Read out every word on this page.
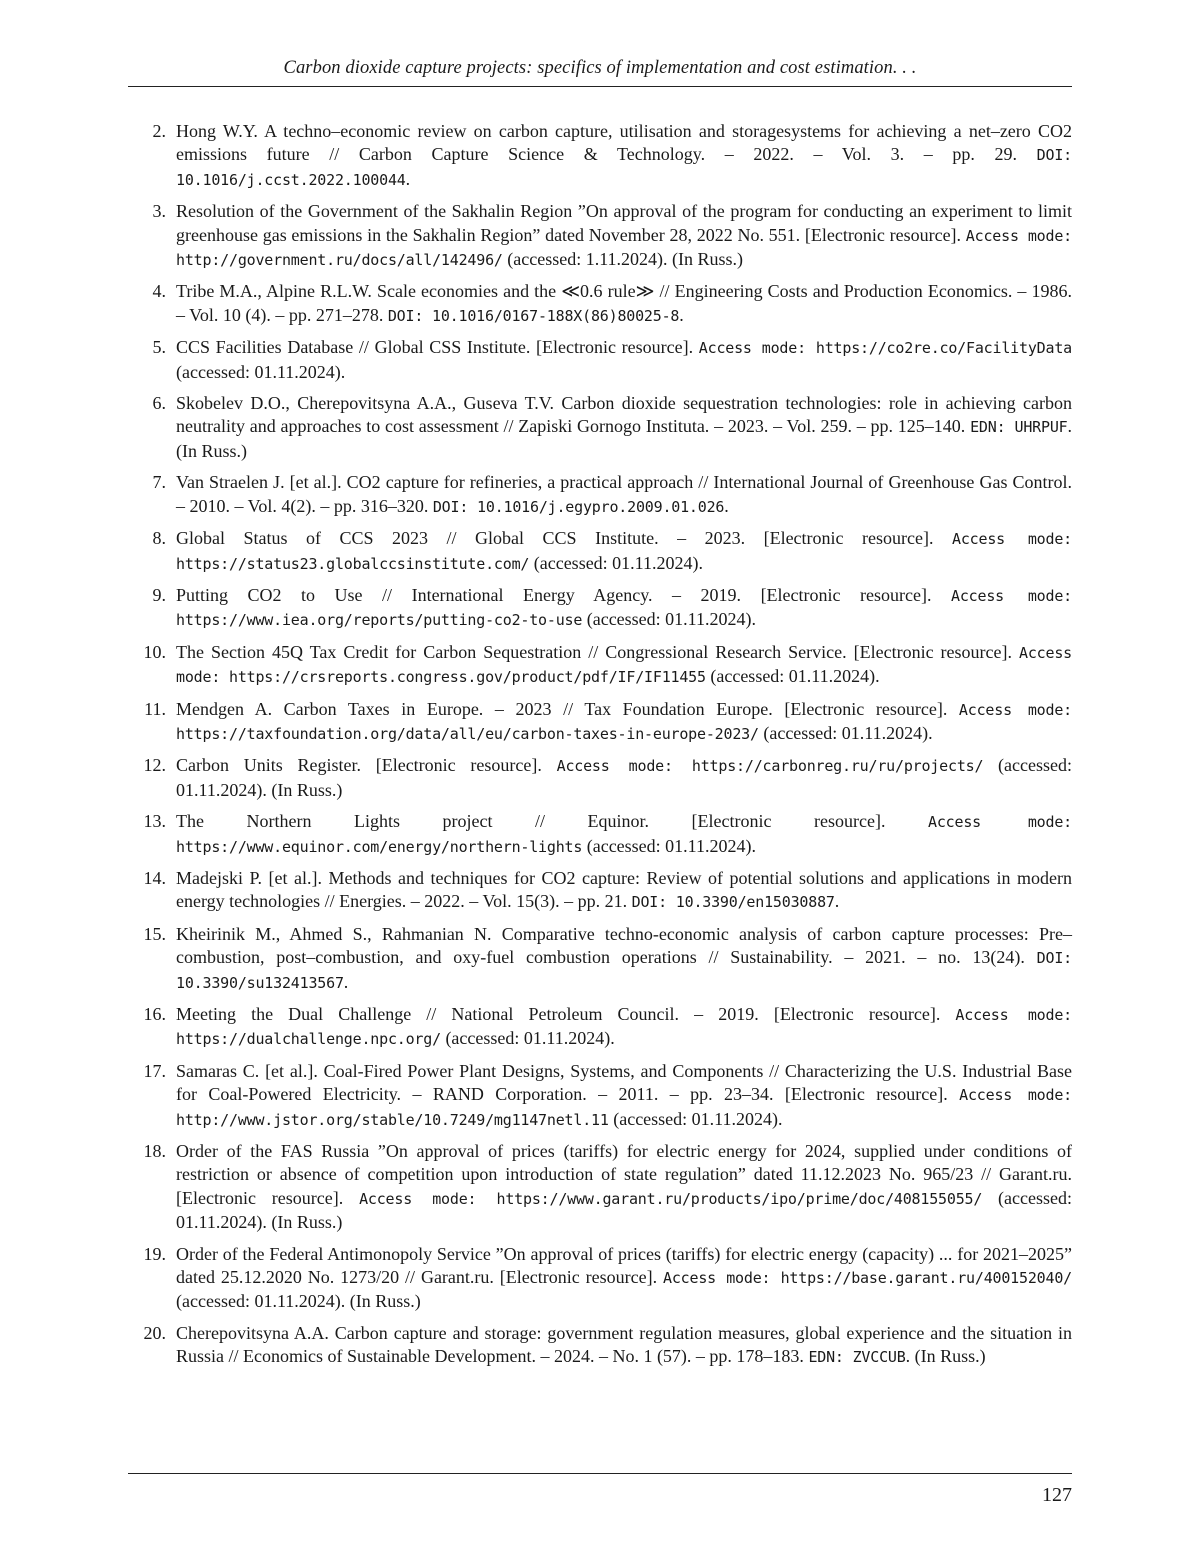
Carbon dioxide capture projects: specifics of implementation and cost estimation. . .
2. Hong W.Y. A techno–economic review on carbon capture, utilisation and storagesystems for achieving a net–zero CO2 emissions future // Carbon Capture Science & Technology. – 2022. – Vol. 3. – pp. 29. DOI: 10.1016/j.ccst.2022.100044.
3. Resolution of the Government of the Sakhalin Region ”On approval of the program for conducting an experiment to limit greenhouse gas emissions in the Sakhalin Region” dated November 28, 2022 No. 551. [Electronic resource]. Access mode: http://government.ru/docs/all/142496/ (accessed: 1.11.2024). (In Russ.)
4. Tribe M.A., Alpine R.L.W. Scale economies and the ≪0.6 rule≫ // Engineering Costs and Production Economics. – 1986. – Vol. 10 (4). – pp. 271–278. DOI: 10.1016/0167-188X(86)80025-8.
5. CCS Facilities Database // Global CSS Institute. [Electronic resource]. Access mode: https://co2re.co/FacilityData (accessed: 01.11.2024).
6. Skobelev D.O., Cherepovitsyna A.A., Guseva T.V. Carbon dioxide sequestration technologies: role in achieving carbon neutrality and approaches to cost assessment // Zapiski Gornogo Instituta. – 2023. – Vol. 259. – pp. 125–140. EDN: UHRPUF. (In Russ.)
7. Van Straelen J. [et al.]. CO2 capture for refineries, a practical approach // International Journal of Greenhouse Gas Control. – 2010. – Vol. 4(2). – pp. 316–320. DOI: 10.1016/j.egypro.2009.01.026.
8. Global Status of CCS 2023 // Global CCS Institute. – 2023. [Electronic resource]. Access mode: https://status23.globalccsinstitute.com/ (accessed: 01.11.2024).
9. Putting CO2 to Use // International Energy Agency. – 2019. [Electronic resource]. Access mode: https://www.iea.org/reports/putting-co2-to-use (accessed: 01.11.2024).
10. The Section 45Q Tax Credit for Carbon Sequestration // Congressional Research Service. [Electronic resource]. Access mode: https://crsreports.congress.gov/product/pdf/IF/IF11455 (accessed: 01.11.2024).
11. Mendgen A. Carbon Taxes in Europe. – 2023 // Tax Foundation Europe. [Electronic resource]. Access mode: https://taxfoundation.org/data/all/eu/carbon-taxes-in-europe-2023/ (accessed: 01.11.2024).
12. Carbon Units Register. [Electronic resource]. Access mode: https://carbonreg.ru/ru/projects/ (accessed: 01.11.2024). (In Russ.)
13. The Northern Lights project // Equinor. [Electronic resource]. Access mode: https://www.equinor.com/energy/northern-lights (accessed: 01.11.2024).
14. Madejski P. [et al.]. Methods and techniques for CO2 capture: Review of potential solutions and applications in modern energy technologies // Energies. – 2022. – Vol. 15(3). – pp. 21. DOI: 10.3390/en15030887.
15. Kheirinik M., Ahmed S., Rahmanian N. Comparative techno-economic analysis of carbon capture processes: Pre–combustion, post–combustion, and oxy-fuel combustion operations // Sustainability. – 2021. – no. 13(24). DOI: 10.3390/su132413567.
16. Meeting the Dual Challenge // National Petroleum Council. – 2019. [Electronic resource]. Access mode: https://dualchallenge.npc.org/ (accessed: 01.11.2024).
17. Samaras C. [et al.]. Coal-Fired Power Plant Designs, Systems, and Components // Characterizing the U.S. Industrial Base for Coal-Powered Electricity. – RAND Corporation. – 2011. – pp. 23–34. [Electronic resource]. Access mode: http://www.jstor.org/stable/10.7249/mg1147netl.11 (accessed: 01.11.2024).
18. Order of the FAS Russia ”On approval of prices (tariffs) for electric energy for 2024, supplied under conditions of restriction or absence of competition upon introduction of state regulation” dated 11.12.2023 No. 965/23 // Garant.ru. [Electronic resource]. Access mode: https://www.garant.ru/products/ipo/prime/doc/408155055/ (accessed: 01.11.2024). (In Russ.)
19. Order of the Federal Antimonopoly Service ”On approval of prices (tariffs) for electric energy (capacity) ... for 2021–2025” dated 25.12.2020 No. 1273/20 // Garant.ru. [Electronic resource]. Access mode: https://base.garant.ru/400152040/ (accessed: 01.11.2024). (In Russ.)
20. Cherepovitsyna A.A. Carbon capture and storage: government regulation measures, global experience and the situation in Russia // Economics of Sustainable Development. – 2024. – No. 1 (57). – pp. 178–183. EDN: ZVCCUB. (In Russ.)
127
